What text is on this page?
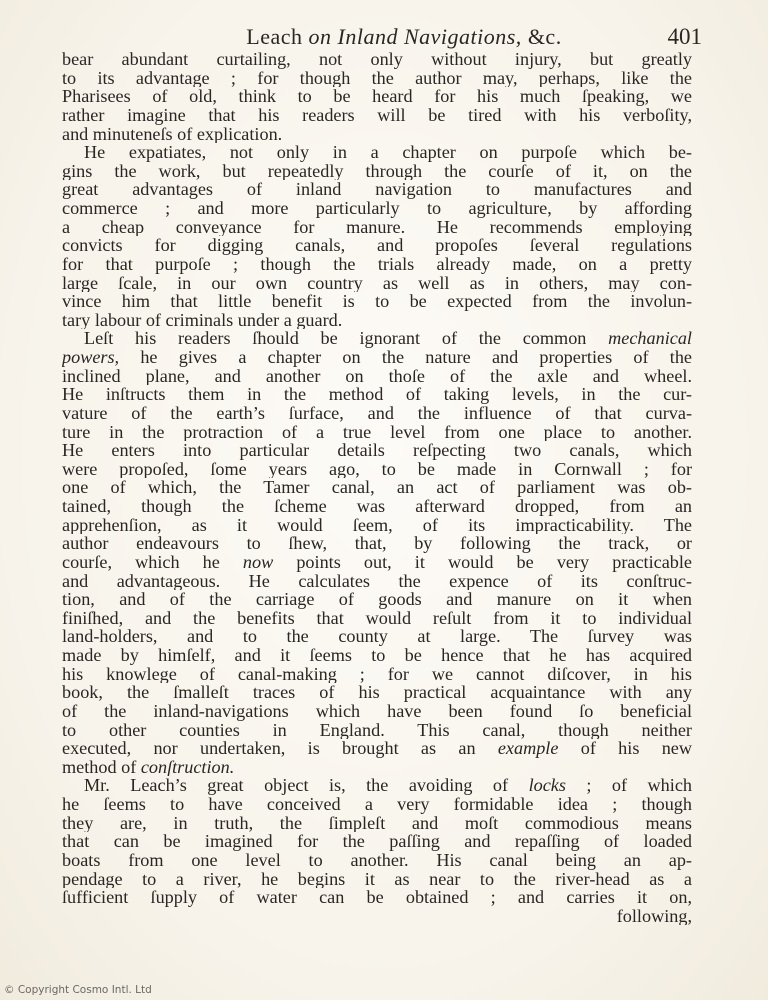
Leach on Inland Navigations, &c.	401
bear abundant curtailing, not only without injury, but greatly
to its advantage ; for though the author may, perhaps, like the
Pharisees of old, think to be heard for his much ſpeaking, we
rather imagine that his readers will be tired with his verboſity,
and minuteneſs of explication.
He expatiates, not only in a chapter on purpoſe which be-
gins the work, but repeatedly through the courſe of it, on the
great advantages of inland navigation to manufactures and
commerce ; and more particularly to agriculture, by affording
a cheap conveyance for manure. He recommends employing
convicts for digging canals, and propoſes ſeveral regulations
for that purpoſe ; though the trials already made, on a pretty
large ſcale, in our own country as well as in others, may con-
vince him that little benefit is to be expected from the involun-
tary labour of criminals under a guard.
Leſt his readers ſhould be ignorant of the common mechanical
powers, he gives a chapter on the nature and properties of the
inclined plane, and another on thoſe of the axle and wheel.
He inſtructs them in the method of taking levels, in the cur-
vature of the earth’s ſurface, and the influence of that curva-
ture in the protraction of a true level from one place to another.
He enters into particular details reſpecting two canals, which
were propoſed, ſome years ago, to be made in Cornwall ; for
one of which, the Tamer canal, an act of parliament was ob-
tained, though the ſcheme was afterward dropped, from an
apprehenſion, as it would ſeem, of its impracticability. The
author endeavours to ſhew, that, by following the track, or
courſe, which he now points out, it would be very practicable
and advantageous. He calculates the expence of its conſtruc-
tion, and of the carriage of goods and manure on it when
finiſhed, and the benefits that would reſult from it to individual
land-holders, and to the county at large. The ſurvey was
made by himſelf, and it ſeems to be hence that he has acquired
his knowlege of canal-making ; for we cannot diſcover, in his
book, the ſmalleſt traces of his practical acquaintance with any
of the inland-navigations which have been found ſo beneficial
to other counties in England. This canal, though neither
executed, nor undertaken, is brought as an example of his new
method of conſtruction.
Mr. Leach’s great object is, the avoiding of locks ; of which
he ſeems to have conceived a very formidable idea ; though
they are, in truth, the ſimpleſt and moſt commodious means
that can be imagined for the paſſing and repaſſing of loaded
boats from one level to another. His canal being an ap-
pendage to a river, he begins it as near to the river-head as a
ſufficient ſupply of water can be obtained ; and carries it on,
following,
© Copyright Cosmo Intl. Ltd
